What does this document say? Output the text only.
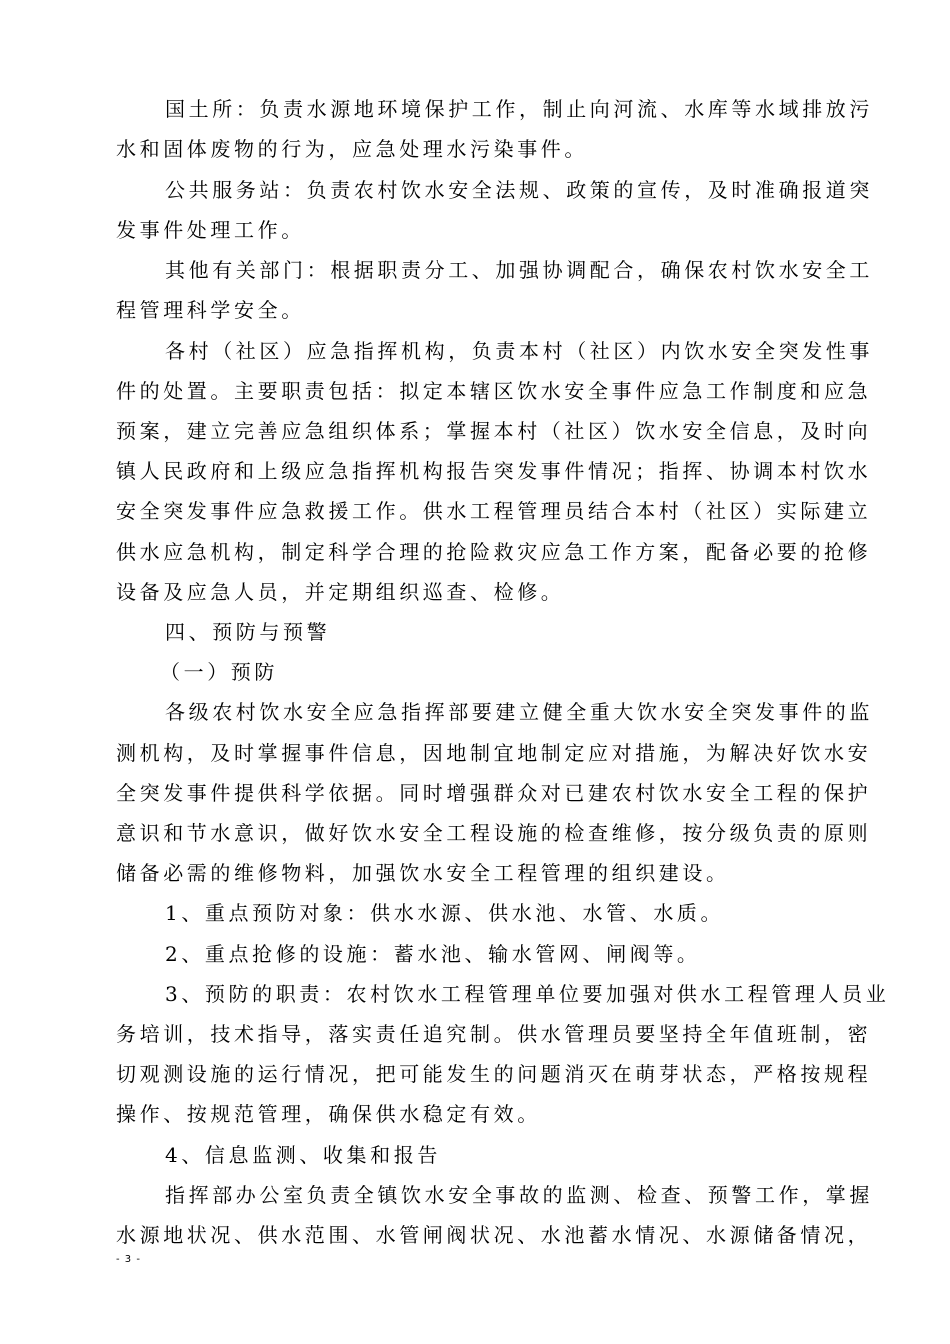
国土所：负责水源地环境保护工作，制止向河流、水库等水域排放污
水和固体废物的行为，应急处理水污染事件。
公共服务站：负责农村饮水安全法规、政策的宣传，及时准确报道突
发事件处理工作。
其他有关部门：根据职责分工、加强协调配合，确保农村饮水安全工
程管理科学安全。
各村（社区）应急指挥机构，负责本村（社区）内饮水安全突发性事
件的处置。主要职责包括：拟定本辖区饮水安全事件应急工作制度和应急
预案，建立完善应急组织体系；掌握本村（社区）饮水安全信息，及时向
镇人民政府和上级应急指挥机构报告突发事件情况；指挥、协调本村饮水
安全突发事件应急救援工作。供水工程管理员结合本村（社区）实际建立
供水应急机构，制定科学合理的抢险救灾应急工作方案，配备必要的抢修
设备及应急人员，并定期组织巡查、检修。
四、预防与预警
（一）预防
各级农村饮水安全应急指挥部要建立健全重大饮水安全突发事件的监
测机构，及时掌握事件信息，因地制宜地制定应对措施，为解决好饮水安
全突发事件提供科学依据。同时增强群众对已建农村饮水安全工程的保护
意识和节水意识，做好饮水安全工程设施的检查维修，按分级负责的原则
储备必需的维修物料，加强饮水安全工程管理的组织建设。
1、重点预防对象：供水水源、供水池、水管、水质。
2、重点抢修的设施：蓄水池、输水管网、闸阀等。
3、预防的职责：农村饮水工程管理单位要加强对供水工程管理人员业
务培训，技术指导，落实责任追究制。供水管理员要坚持全年值班制，密
切观测设施的运行情况，把可能发生的问题消灭在萌芽状态，严格按规程
操作、按规范管理，确保供水稳定有效。
4、信息监测、收集和报告
指挥部办公室负责全镇饮水安全事故的监测、检查、预警工作，掌握
水源地状况、供水范围、水管闸阀状况、水池蓄水情况、水源储备情况，
- 3 -
